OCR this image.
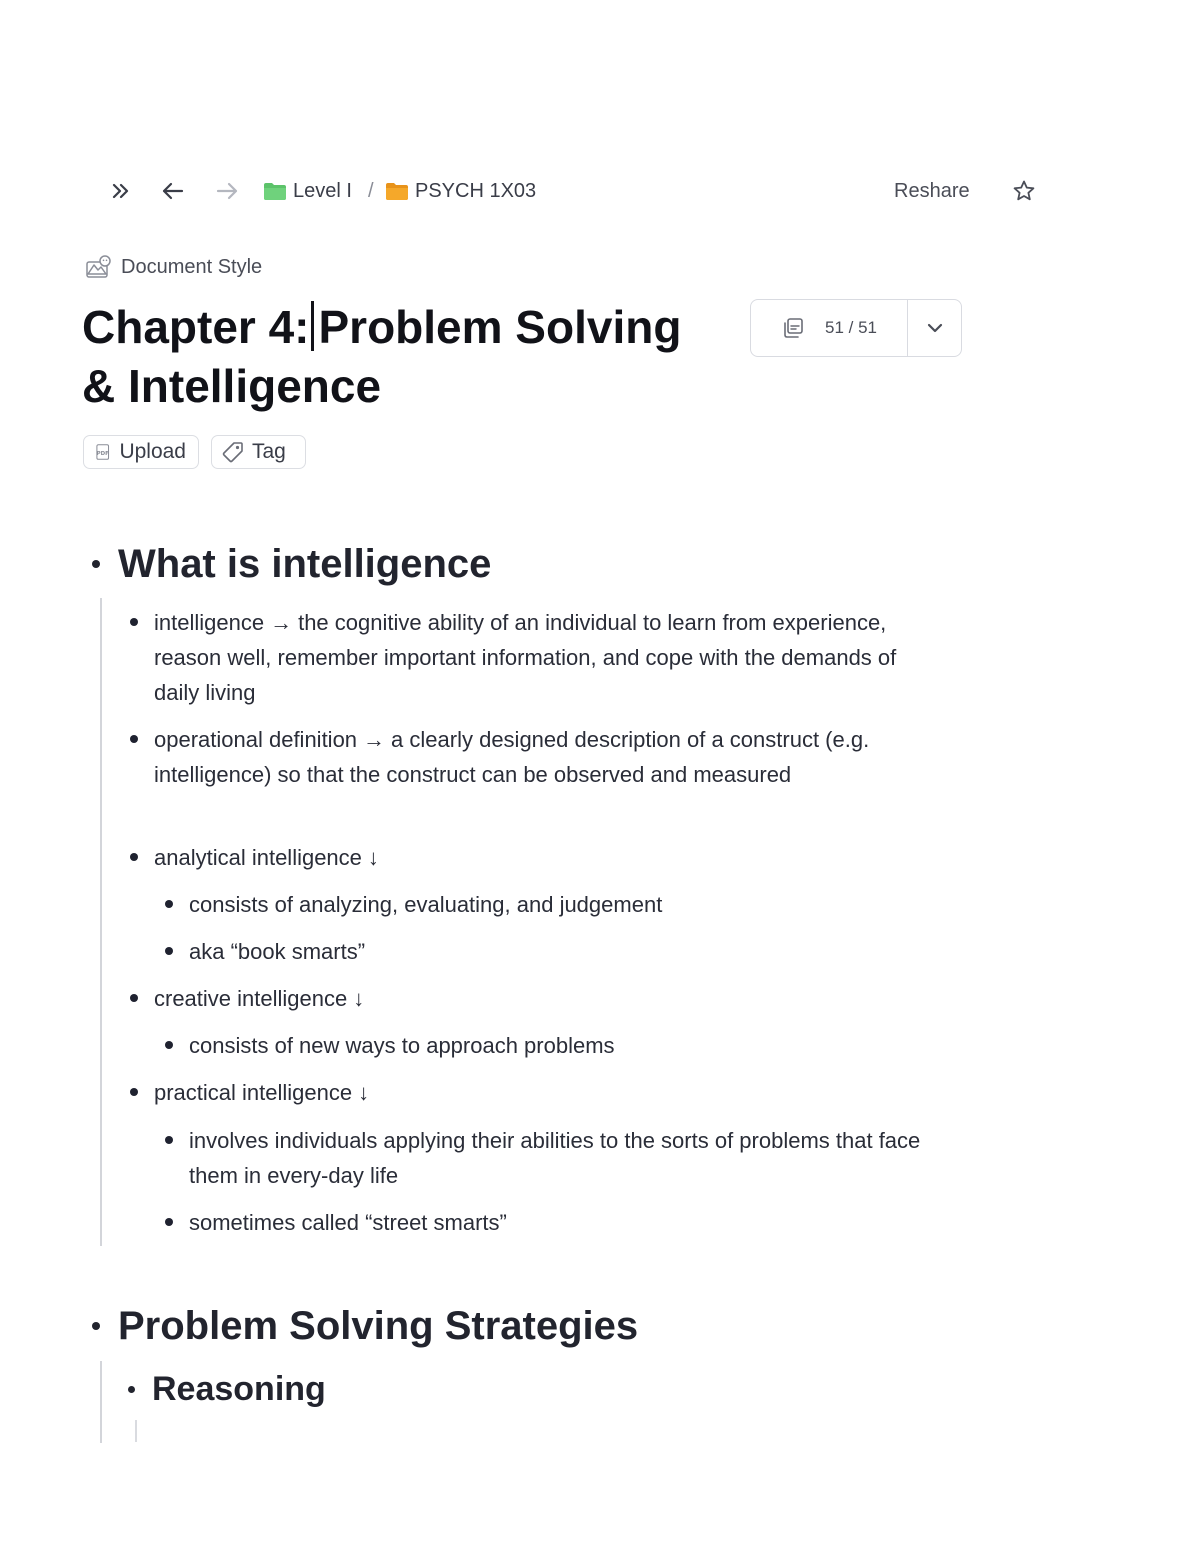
Level I / PSYCH 1X03	Reshare
Document Style
Chapter 4: Problem Solving
& Intelligence
51 / 51
PDF Upload	Tag
What is intelligence
intelligence → the cognitive ability of an individual to learn from experience, reason well, remember important information, and cope with the demands of daily living
operational definition → a clearly designed description of a construct (e.g. intelligence) so that the construct can be observed and measured
analytical intelligence ↓
consists of analyzing, evaluating, and judgement
aka “book smarts”
creative intelligence ↓
consists of new ways to approach problems
practical intelligence ↓
involves individuals applying their abilities to the sorts of problems that face them in every-day life
sometimes called “street smarts”
Problem Solving Strategies
Reasoning
